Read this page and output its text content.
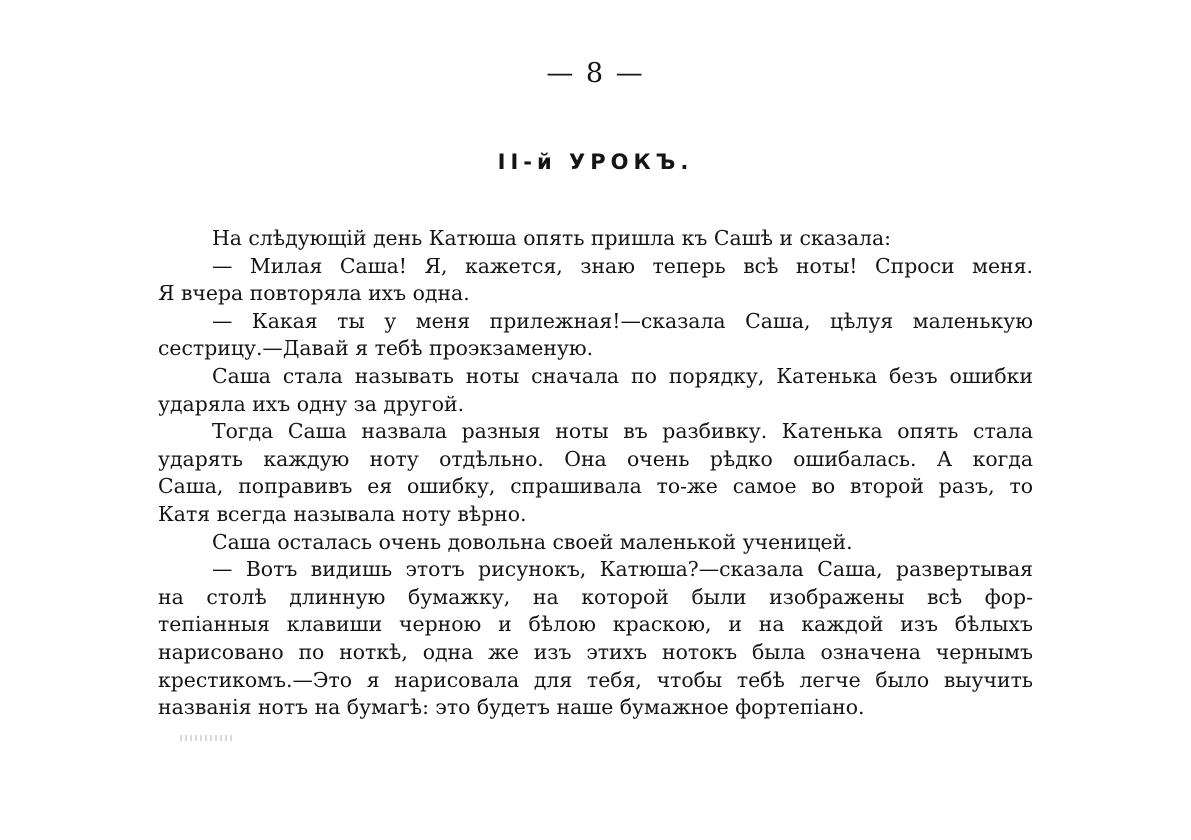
— 8 —
II-й УРОКЪ.
На слѣдующій день Катюша опять пришла къ Сашѣ и сказала:
— Милая Саша! Я, кажется, знаю теперь всѣ ноты! Спроси меня.
Я вчера повторяла ихъ одна.
— Какая ты у меня прилежная!—сказала Саша, цѣлуя маленькую
сестрицу.—Давай я тебѣ проэкзаменую.
Саша стала называть ноты сначала по порядку, Катенька безъ ошибки
ударяла ихъ одну за другой.
Тогда Саша назвала разныя ноты въ разбивку. Катенька опять стала
ударять каждую ноту отдѣльно. Она очень рѣдко ошибалась. А когда
Саша, поправивъ ея ошибку, спрашивала то-же самое во второй разъ, то
Катя всегда называла ноту вѣрно.
Саша осталась очень довольна своей маленькой ученицей.
— Вотъ видишь этотъ рисунокъ, Катюша?—сказала Саша, развертывая
на столѣ длинную бумажку, на которой были изображены всѣ фор-
тепіанныя клавиши черною и бѣлою краскою, и на каждой изъ бѣлыхъ
нарисовано по ноткѣ, одна же изъ этихъ нотокъ была означена чернымъ
крестикомъ.—Это я нарисовала для тебя, чтобы тебѣ легче было выучить
названія нотъ на бумагѣ: это будетъ наше бумажное фортепіано.
